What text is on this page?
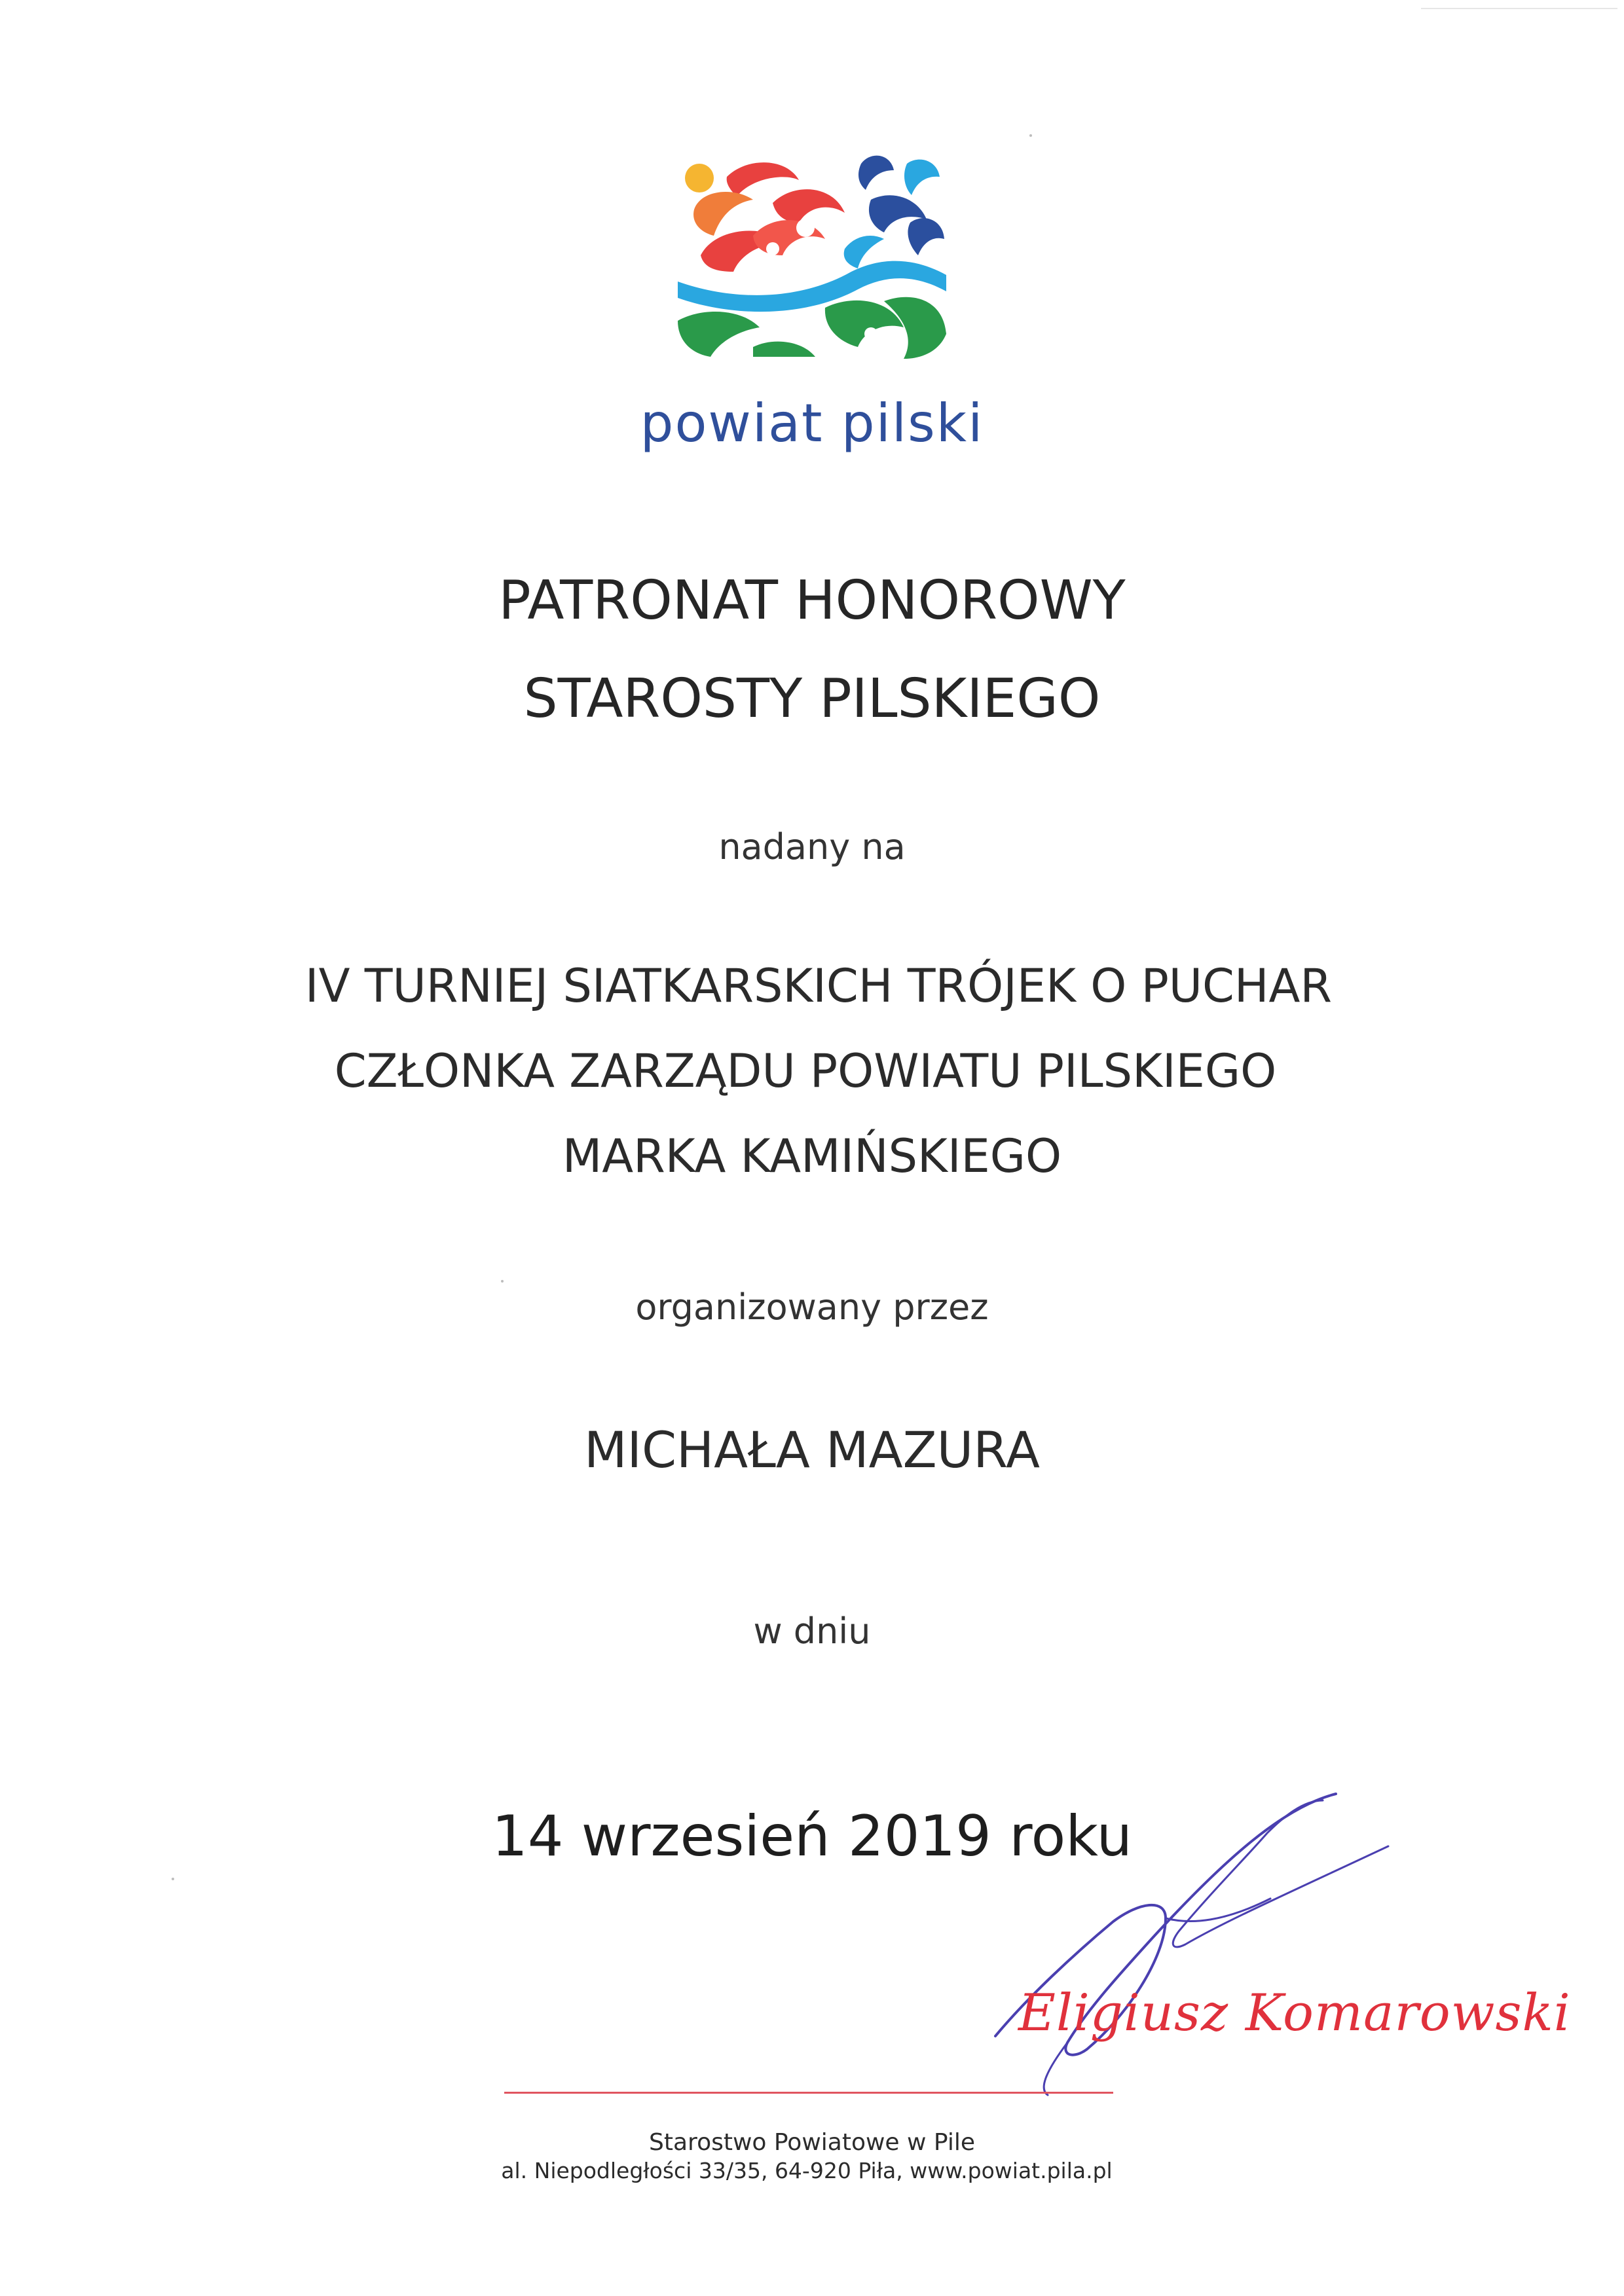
powiat pilski
PATRONAT HONOROWY
STAROSTY PILSKIEGO
nadany na
IV TURNIEJ SIATKARSKICH TRÓJEK O PUCHAR
CZŁONKA ZARZĄDU POWIATU PILSKIEGO
MARKA KAMIŃSKIEGO
organizowany przez
MICHAŁA MAZURA
w dniu
14 wrzesień 2019 roku
Eligiusz Komarowski
Starostwo Powiatowe w Pile
al. Niepodległości 33/35, 64-920 Piła, www.powiat.pila.pl
